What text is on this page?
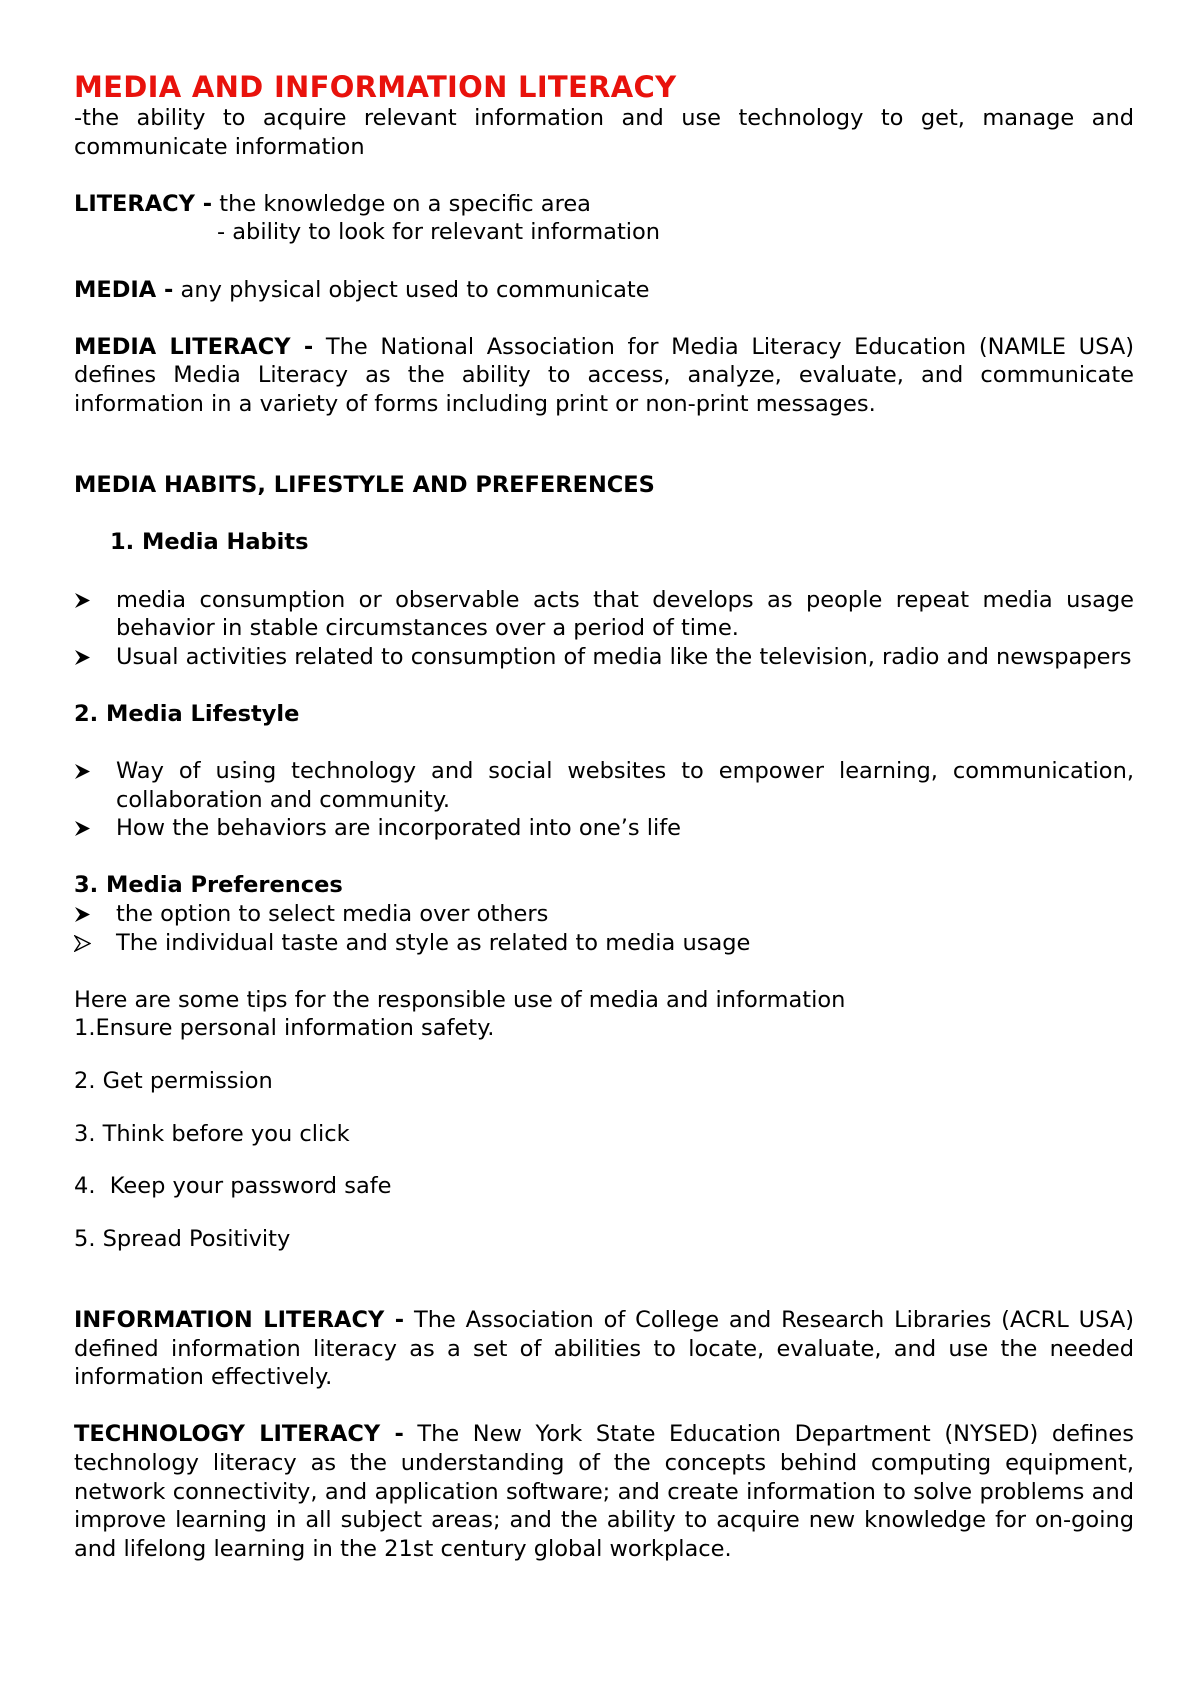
MEDIA AND INFORMATION LITERACY

-the ability to acquire relevant information and use technology to get, manage and communicate information

LITERACY - the knowledge on a specific area

- ability to look for relevant information

MEDIA - any physical object used to communicate

MEDIA LITERACY - The National Association for Media Literacy Education (NAMLE USA) defines Media Literacy as the ability to access, analyze, evaluate, and communicate information in a variety of forms including print or non-print messages.

MEDIA HABITS, LIFESTYLE AND PREFERENCES

1. Media Habits

media consumption or observable acts that develops as people repeat media usage behavior in stable circumstances over a period of time.
Usual activities related to consumption of media like the television, radio and newspapers

2. Media Lifestyle

Way of using technology and social websites to empower learning, communication, collaboration and community.
How the behaviors are incorporated into one’s life

3. Media Preferences

the option to select media over others
The individual taste and style as related to media usage

Here are some tips for the responsible use of media and information

1.Ensure personal information safety.

2. Get permission

3. Think before you click

4.  Keep your password safe

5. Spread Positivity

INFORMATION LITERACY - The Association of College and Research Libraries (ACRL USA) defined information literacy as a set of abilities to locate, evaluate, and use the needed information effectively.

TECHNOLOGY LITERACY - The New York State Education Department (NYSED) defines technology literacy as the understanding of the concepts behind computing equipment, network connectivity, and application software; and create information to solve problems and improve learning in all subject areas; and the ability to acquire new knowledge for on-going and lifelong learning in the 21st century global workplace.
